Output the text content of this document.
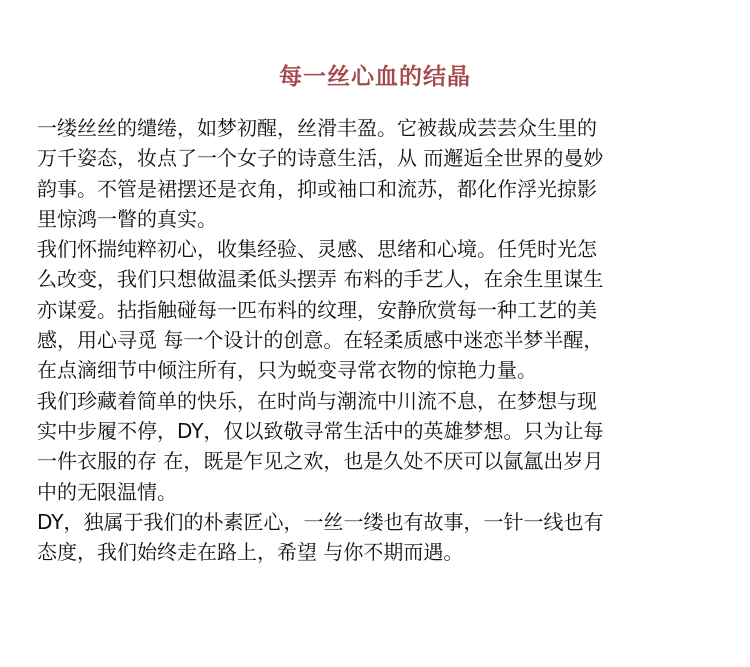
每一丝心血的结晶
一缕丝丝的缱绻，如梦初醒，丝滑丰盈。它被裁成芸芸众生里的
万千姿态，妆点了一个女子的诗意生活，从 而邂逅全世界的曼妙
韵事。不管是裙摆还是衣角，抑或袖口和流苏，都化作浮光掠影
里惊鸿一瞥的真实。
我们怀揣纯粹初心，收集经验、灵感、思绪和心境。任凭时光怎
么改变，我们只想做温柔低头摆弄 布料的手艺人，在余生里谋生
亦谋爱。拈指触碰每一匹布料的纹理，安静欣赏每一种工艺的美
感，用心寻觅 每一个设计的创意。在轻柔质感中迷恋半梦半醒，
在点滴细节中倾注所有，只为蜕变寻常衣物的惊艳力量。
我们珍藏着简单的快乐，在时尚与潮流中川流不息，在梦想与现
实中步履不停，DY，仅以致敬寻常生活中的英雄梦想。只为让每
一件衣服的存 在，既是乍见之欢，也是久处不厌可以氤氲出岁月
中的无限温情。
DY，独属于我们的朴素匠心，一丝一缕也有故事，一针一线也有
态度，我们始终走在路上，希望 与你不期而遇。
